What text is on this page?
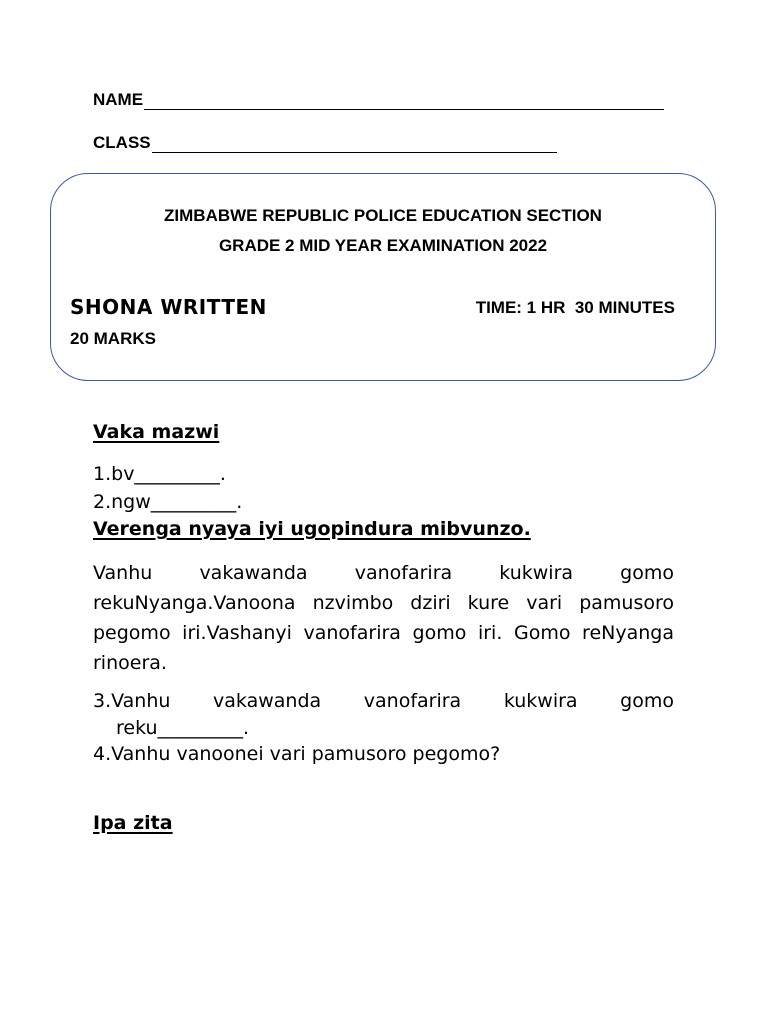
NAME
CLASS
ZIMBABWE REPUBLIC POLICE EDUCATION SECTION
GRADE 2 MID YEAR EXAMINATION 2022
SHONA WRITTEN	TIME: 1 HR  30 MINUTES
20 MARKS
Vaka mazwi
1.bv_________.
2.ngw_________.
Verenga nyaya iyi ugopindura mibvunzo.
Vanhu vakawanda vanofarira kukwira gomo rekuNyanga.Vanoona nzvimbo dziri kure vari pamusoro pegomo iri.Vashanyi vanofarira gomo iri. Gomo reNyanga rinoera.
3.Vanhu vakawanda vanofarira kukwira gomo
reku_________.
4.Vanhu vanoonei vari pamusoro pegomo?
Ipa zita
